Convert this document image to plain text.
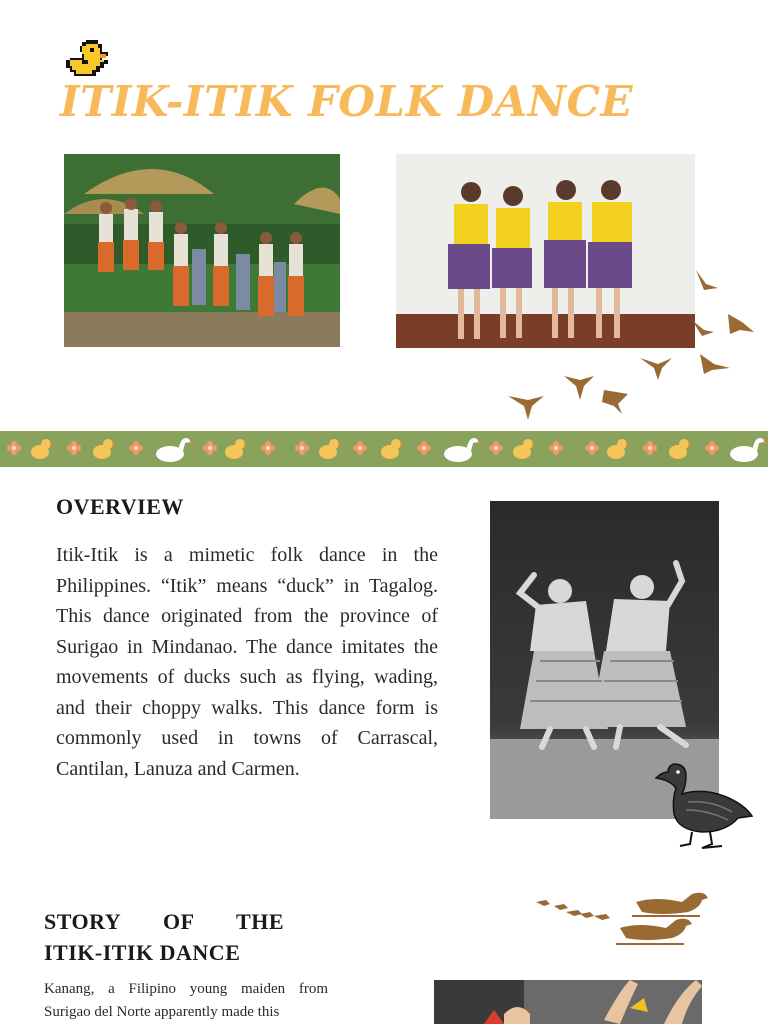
ITIK-ITIK FOLK DANCE
OVERVIEW
Itik-Itik is a mimetic folk dance in the Philippines. “Itik” means “duck” in Tagalog. This dance originated from the province of Surigao in Mindanao. The dance imitates the movements of ducks such as flying, wading, and their choppy walks. This dance form is commonly used in towns of Carrascal, Cantilan, Lanuza and Carmen.
STORY OF THE
ITIK-ITIK DANCE
Kanang, a Filipino young maiden from Surigao del Norte apparently made this
